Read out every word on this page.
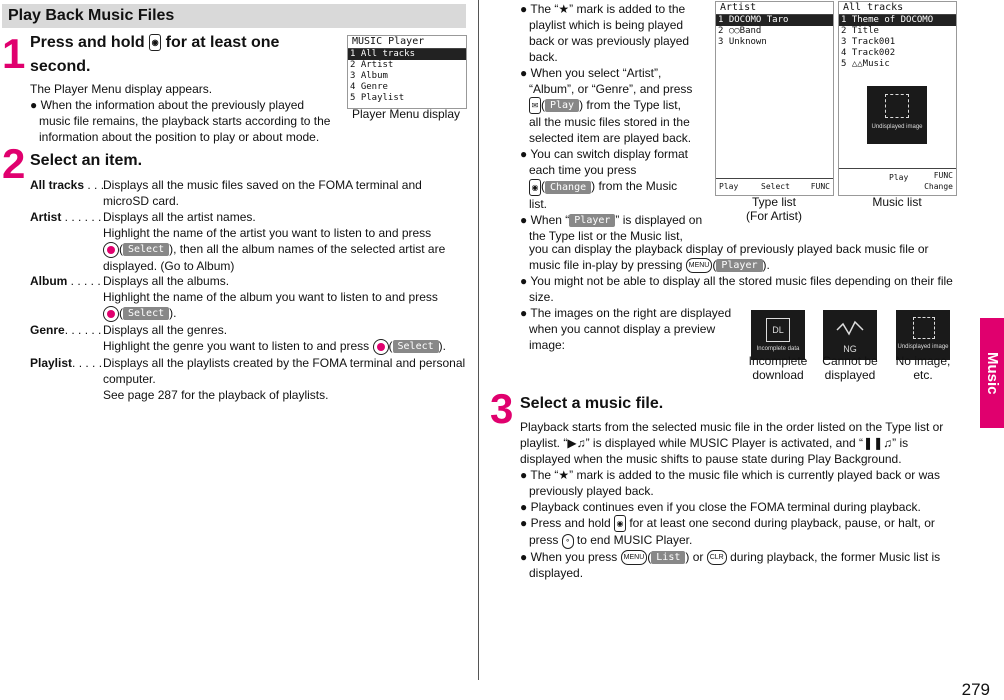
Play Back Music Files
1 Press and hold ◉ for at least one
second.
The Player Menu display appears.
● When the information about the previously played
music file remains, the playback starts according to the
information about the position to play or about mode.
MUSIC Player
1 All tracks
2 Artist
3 Album
4 Genre
5 Playlist
Player Menu display
2 Select an item.
All tracks . . .
Displays all the music files saved on the FOMA terminal and
microSD card.
Artist . . . . . . Displays all the artist names.
Highlight the name of the artist you want to listen to and press
( Select ), then all the album names of the selected artist are
displayed. (Go to Album)
Album . . . . . Displays all the albums.
Highlight the name of the album you want to listen to and press
( Select ).
Genre. . . . . . Displays all the genres.
Highlight the genre you want to listen to and press ( Select ).
Playlist. . . . . Displays all the playlists created by the FOMA terminal and personal
computer.
See page 287 for the playback of playlists.
● The “★” mark is added to the
playlist which is being played
back or was previously played
back.
● When you select “Artist”,
“Album”, or “Genre”, and press
✉ ( Play ) from the Type list,
all the music files stored in the
selected item are played back.
● You can switch display format
each time you press
◉ ( Change ) from the Music
list.
● When “ Player ” is displayed on
the Type list or the Music list,
you can display the playback display of previously played back music file or
music file in-play by pressing MENU ( Player ).
● You might not be able to display all the stored music files depending on their file
size.
● The images on the right are displayed
when you cannot display a preview
image:
Artist
1 DOCOMO Taro
2 ○○Band
3 Unknown
Play	Select	FUNC
Type list
(For Artist)
All tracks
1 Theme of DOCOMO
2 Title
3 Track001
4 Track002
5 △△Music
Undisplayed image
Play	FUNC
Change
Music list
DL
Incomplete data	NG	Undisplayed image
Incomplete
download
Cannot be
displayed
No image,
etc.
3 Select a music file.
Playback starts from the selected music file in the order listed on the Type list or
playlist. “▶♫” is displayed while MUSIC Player is activated, and “❚❚♫” is
displayed when the music shifts to pause state during Play Background.
● The “★” mark is added to the music file which is currently played back or was
previously played back.
● Playback continues even if you close the FOMA terminal during playback.
● Press and hold ◉ for at least one second during playback, pause, or halt, or
press ⚬ to end MUSIC Player.
● When you press MENU ( List ) or CLR during playback, the former Music list is
displayed.
Music
279
